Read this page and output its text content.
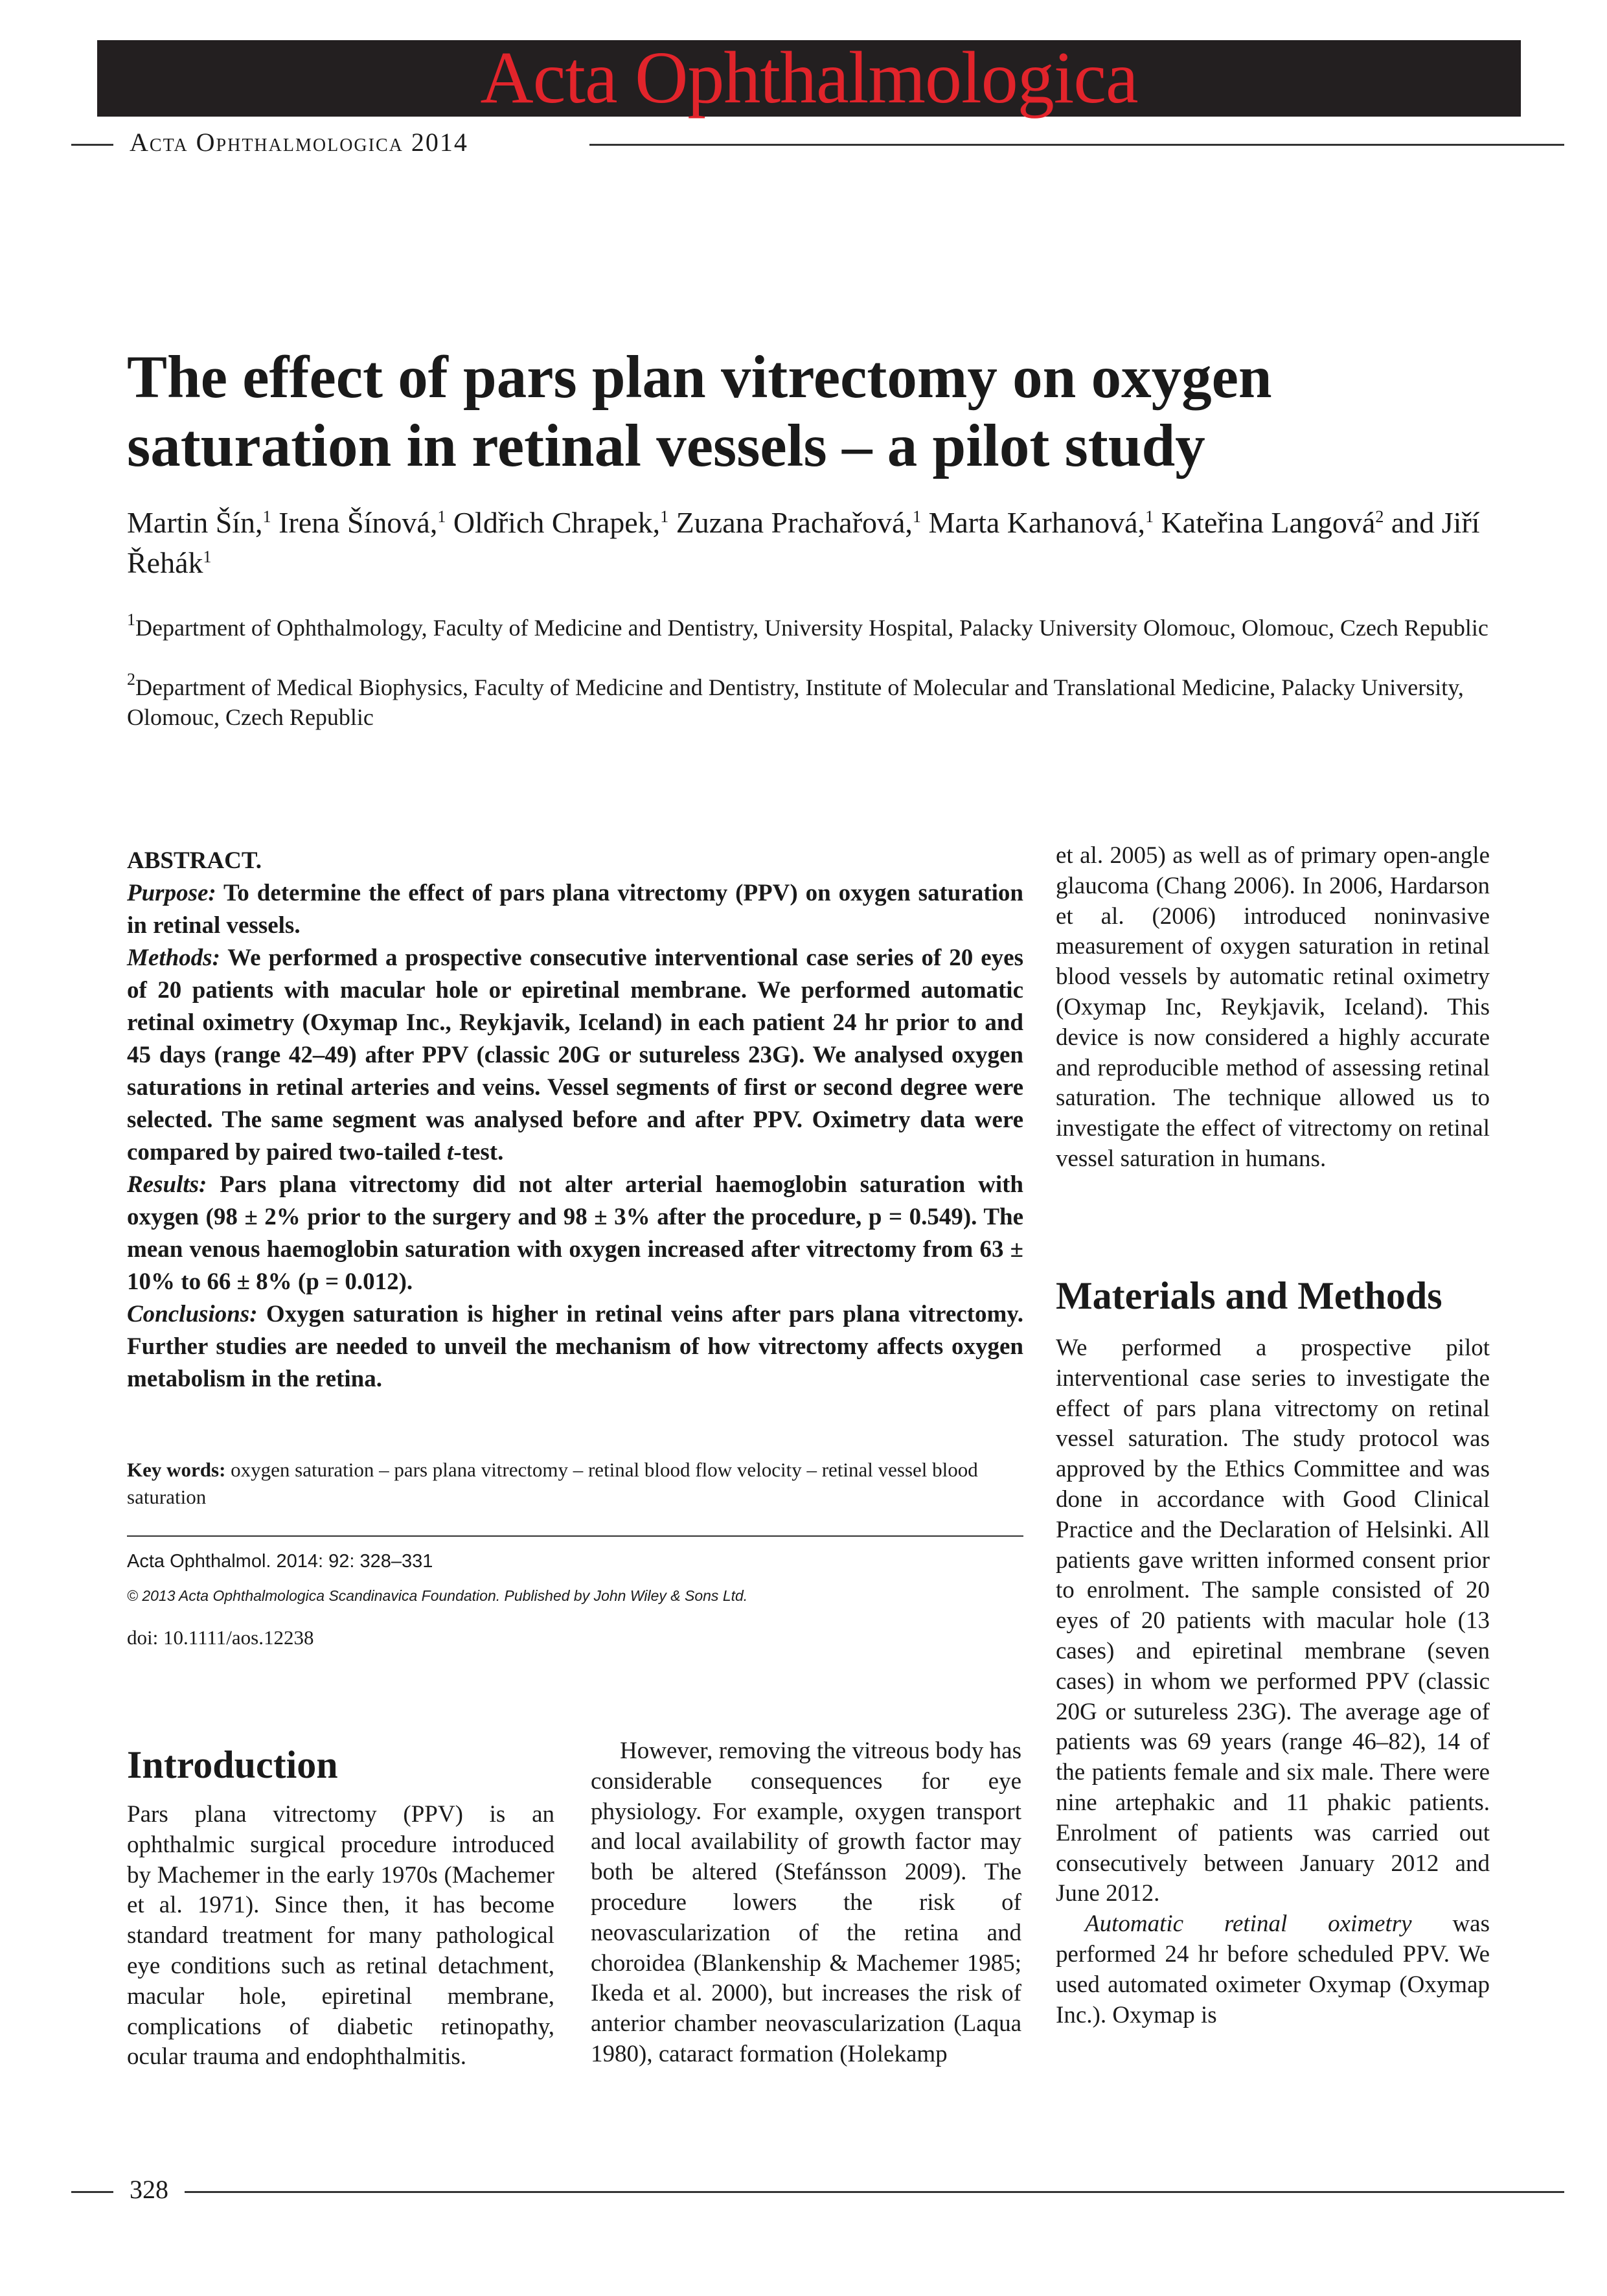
Acta Ophthalmologica
Acta Ophthalmologica 2014
The effect of pars plan vitrectomy on oxygen
saturation in retinal vessels – a pilot study
Martin Šín,$^1$ Irena Šínová,$^1$ Oldřich Chrapek,$^1$ Zuzana Prachařová,$^1$ Marta Karhanová,$^1$ Kateřina Langová$^2$ and Jiří Řehák$^1$
$^1$Department of Ophthalmology, Faculty of Medicine and Dentistry, University Hospital, Palacky University Olomouc, Olomouc, Czech Republic
$^2$Department of Medical Biophysics, Faculty of Medicine and Dentistry, Institute of Molecular and Translational Medicine, Palacky University, Olomouc, Czech Republic
ABSTRACT.

Purpose: To determine the effect of pars plana vitrectomy (PPV) on oxygen saturation in retinal vessels.

Methods: We performed a prospective consecutive interventional case series of 20 eyes of 20 patients with macular hole or epiretinal membrane. We performed automatic retinal oximetry (Oxymap Inc., Reykjavik, Iceland) in each patient 24 hr prior to and 45 days (range 42–49) after PPV (classic 20G or sutureless 23G). We analysed oxygen saturations in retinal arteries and veins. Vessel segments of first or second degree were selected. The same segment was analysed before and after PPV. Oximetry data were compared by paired two-tailed t-test.

Results: Pars plana vitrectomy did not alter arterial haemoglobin saturation with oxygen (98 ± 2% prior to the surgery and 98 ± 3% after the procedure, p = 0.549). The mean venous haemoglobin saturation with oxygen increased after vitrectomy from 63 ± 10% to 66 ± 8% (p = 0.012).

Conclusions: Oxygen saturation is higher in retinal veins after pars plana vitrectomy. Further studies are needed to unveil the mechanism of how vitrectomy affects oxygen metabolism in the retina.

Key words: oxygen saturation – pars plana vitrectomy – retinal blood flow velocity – retinal vessel blood saturation
Acta Ophthalmol. 2014: 92: 328–331
© 2013 Acta Ophthalmologica Scandinavica Foundation. Published by John Wiley & Sons Ltd.
doi: 10.1111/aos.12238

et al. 2005) as well as of primary open-angle glaucoma (Chang 2006). In 2006, Hardarson et al. (2006) introduced noninvasive measurement of oxygen saturation in retinal blood vessels by automatic retinal oximetry (Oxymap Inc, Reykjavik, Iceland). This device is now considered a highly accurate and reproducible method of assessing retinal saturation. The technique allowed us to investigate the effect of vitrectomy on retinal vessel saturation in humans.

Materials and Methods

We performed a prospective pilot interventional case series to investigate the effect of pars plana vitrectomy on retinal vessel saturation. The study protocol was approved by the Ethics Committee and was done in accordance with Good Clinical Practice and the Declaration of Helsinki. All patients gave written informed consent prior to enrolment. The sample consisted of 20 eyes of 20 patients with macular hole (13 cases) and epiretinal membrane (seven cases) in whom we performed PPV (classic 20G or sutureless 23G). The average age of patients was 69 years (range 46–82), 14 of the patients female and six male. There were nine artephakic and 11 phakic patients. Enrolment of patients was carried out consecutively between January 2012 and June 2012.

Automatic retinal oximetry was performed 24 hr before scheduled PPV. We used automated oximeter Oxymap (Oxymap Inc.). Oxymap is

Introduction

Pars plana vitrectomy (PPV) is an ophthalmic surgical procedure introduced by Machemer in the early 1970s (Machemer et al. 1971). Since then, it has become standard treatment for many pathological eye conditions such as retinal detachment, macular hole, epiretinal membrane, complications of diabetic retinopathy, ocular trauma and endophthalmitis.

However, removing the vitreous body has considerable consequences for eye physiology. For example, oxygen transport and local availability of growth factor may both be altered (Stefánsson 2009). The procedure lowers the risk of neovascularization of the retina and choroidea (Blankenship & Machemer 1985; Ikeda et al. 2000), but increases the risk of anterior chamber neovascularization (Laqua 1980), cataract formation (Holekamp

328
